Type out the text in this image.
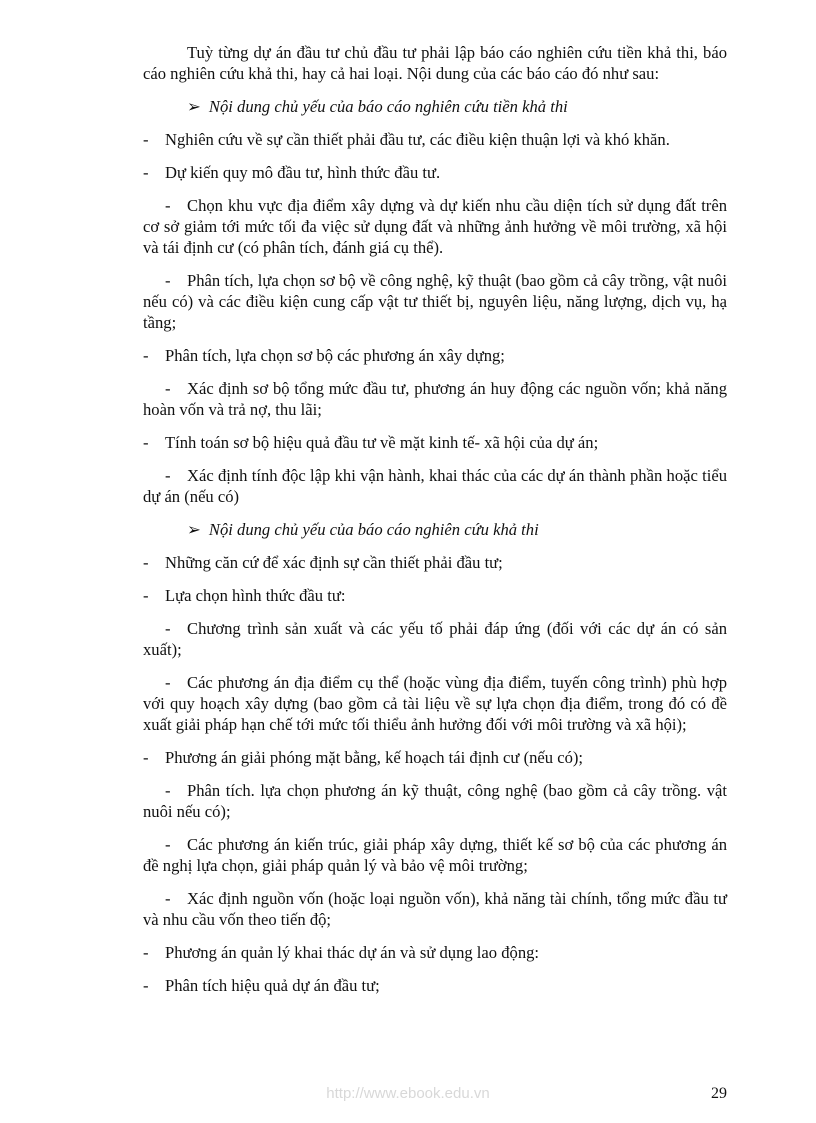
Tuỳ từng dự án đầu tư chủ đầu tư phải lập báo cáo nghiên cứu tiền khả thi, báo cáo nghiên cứu khả thi, hay cả hai loại. Nội dung của các báo cáo đó như sau:

➢ Nội dung chủ yếu của báo cáo nghiên cứu tiền khả thi

- Nghiên cứu về sự cần thiết phải đầu tư, các điều kiện thuận lợi và khó khăn.

- Dự kiến quy mô đầu tư, hình thức đầu tư.

- Chọn khu vực địa điểm xây dựng và dự kiến nhu cầu diện tích sử dụng đất trên cơ sở giảm tới mức tối đa việc sử dụng đất và những ảnh hưởng về môi trường, xã hội và tái định cư (có phân tích, đánh giá cụ thể).

- Phân tích, lựa chọn sơ bộ về công nghệ, kỹ thuật (bao gồm cả cây trồng, vật nuôi nếu có) và các điều kiện cung cấp vật tư thiết bị, nguyên liệu, năng lượng, dịch vụ, hạ tầng;

- Phân tích, lựa chọn sơ bộ các phương án xây dựng;

- Xác định sơ bộ tổng mức đầu tư, phương án huy động các nguồn vốn; khả năng hoàn vốn và trả nợ, thu lãi;

- Tính toán sơ bộ hiệu quả đầu tư về mặt kinh tế- xã hội của dự án;

- Xác định tính độc lập khi vận hành, khai thác của các dự án thành phần hoặc tiểu dự án (nếu có)

➢ Nội dung chủ yếu của báo cáo nghiên cứu khả thi

- Những căn cứ để xác định sự cần thiết phải đầu tư;

- Lựa chọn hình thức đầu tư:

- Chương trình sản xuất và các yếu tố phải đáp ứng (đối với các dự án có sản xuất);

- Các phương án địa điểm cụ thể (hoặc vùng địa điểm, tuyến công trình) phù hợp với quy hoạch xây dựng (bao gồm cả tài liệu về sự lựa chọn địa điểm, trong đó có đề xuất giải pháp hạn chế tới mức tối thiểu ảnh hưởng đối với môi trường và xã hội);

- Phương án giải phóng mặt bằng, kế hoạch tái định cư (nếu có);

- Phân tích. lựa chọn phương án kỹ thuật, công nghệ (bao gồm cả cây trồng. vật nuôi nếu có);

- Các phương án kiến trúc, giải pháp xây dựng, thiết kế sơ bộ của các phương án đề nghị lựa chọn, giải pháp quản lý và bảo vệ môi trường;

- Xác định nguồn vốn (hoặc loại nguồn vốn), khả năng tài chính, tổng mức đầu tư và nhu cầu vốn theo tiến độ;

- Phương án quản lý khai thác dự án và sử dụng lao động:

- Phân tích hiệu quả dự án đầu tư;

http://www.ebook.edu.vn	29
